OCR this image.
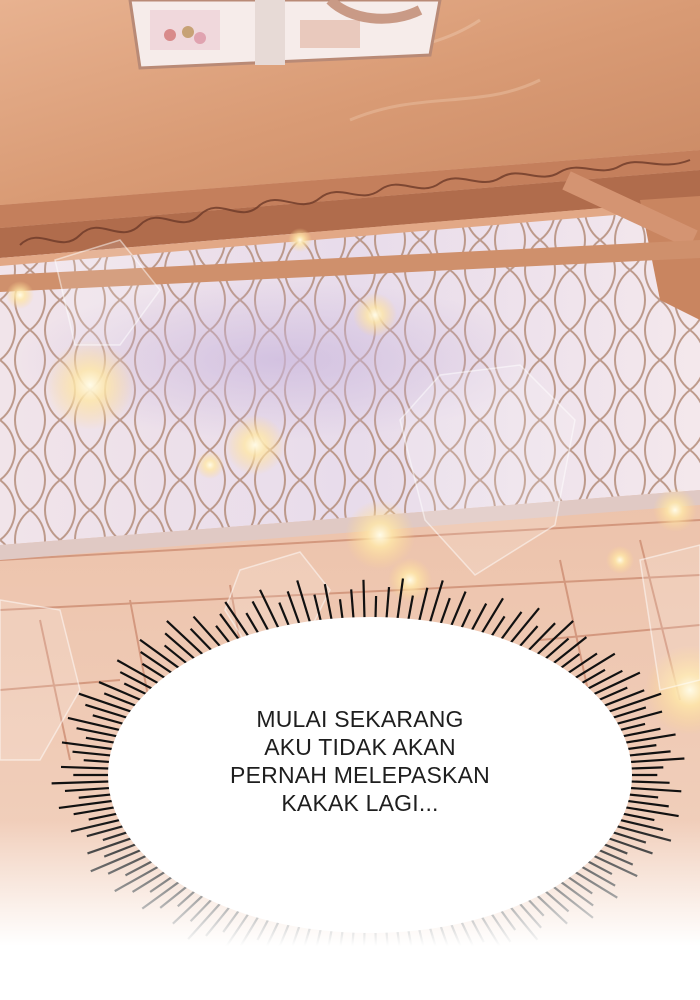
MULAI SEKARANG
AKU TIDAK AKAN
PERNAH MELEPASKAN
KAKAK LAGI...
